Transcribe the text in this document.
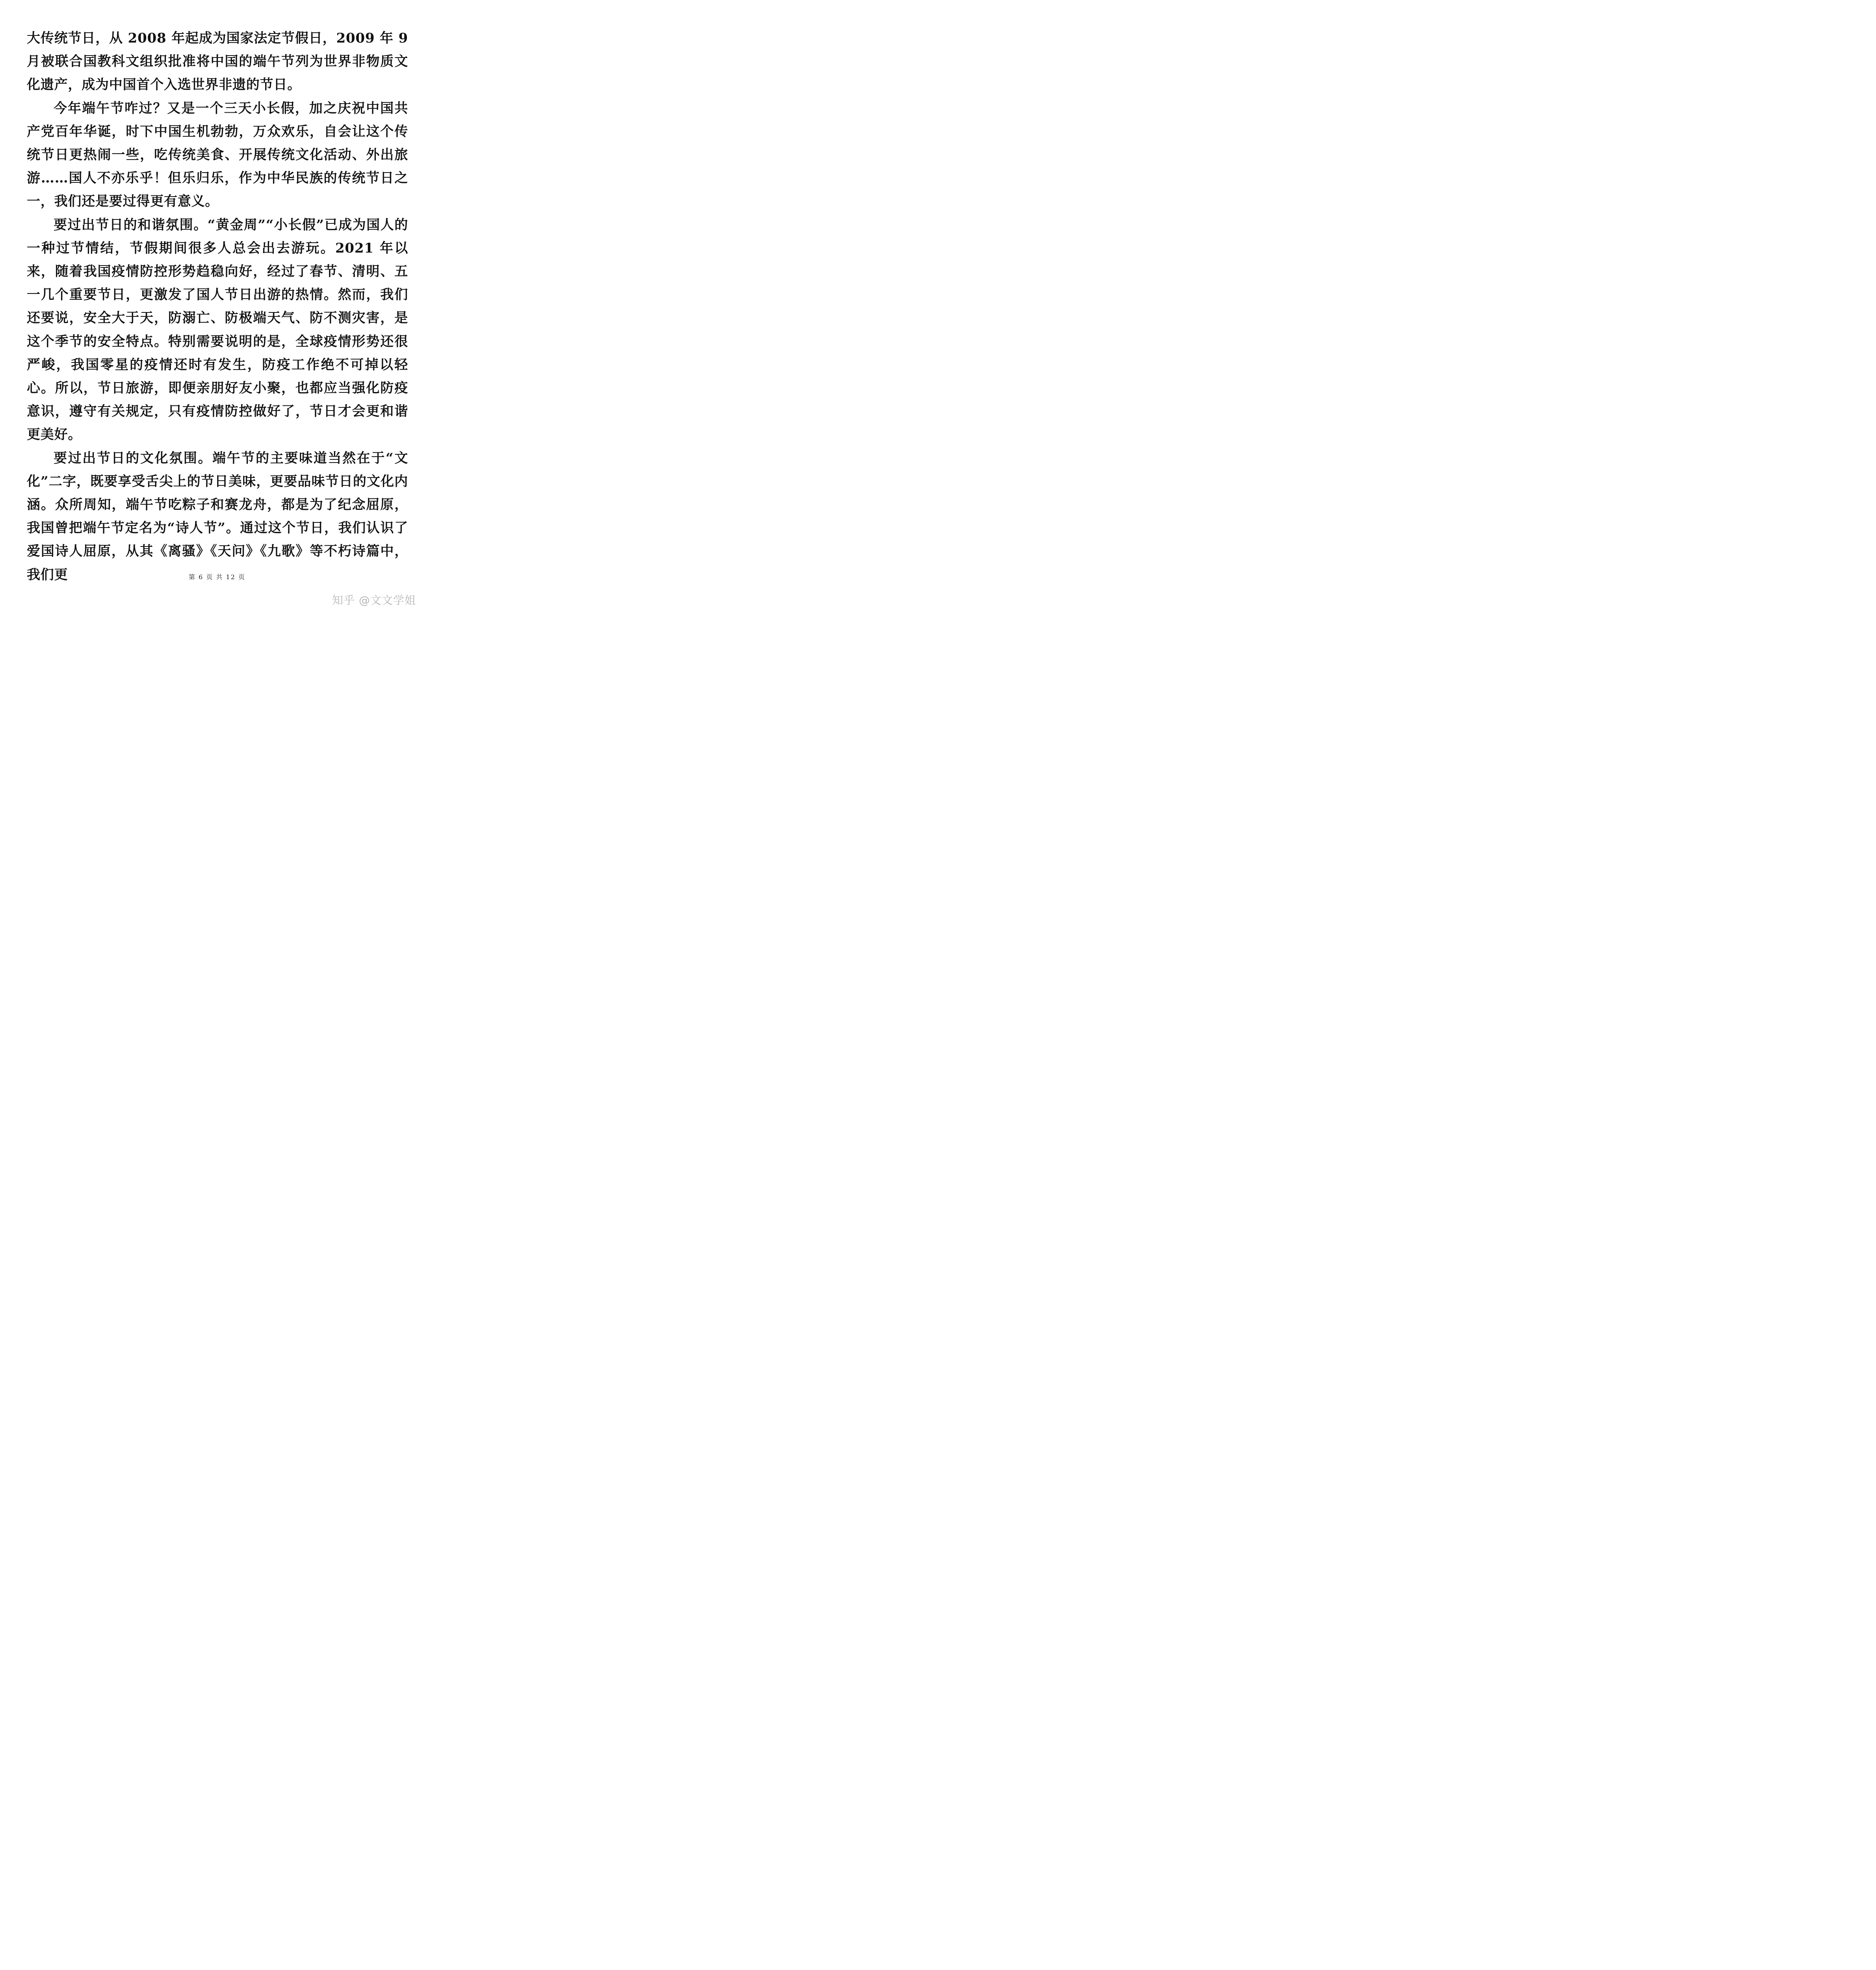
大传统节日，从 2008 年起成为国家法定节假日，2009 年 9 月被联合国教科文组织批准将中国的端午节列为世界非物质文化遗产，成为中国首个入选世界非遗的节日。

今年端午节咋过？又是一个三天小长假，加之庆祝中国共产党百年华诞，时下中国生机勃勃，万众欢乐，自会让这个传统节日更热闹一些，吃传统美食、开展传统文化活动、外出旅游……国人不亦乐乎！但乐归乐，作为中华民族的传统节日之一，我们还是要过得更有意义。

要过出节日的和谐氛围。“黄金周”“小长假”已成为国人的一种过节情结，节假期间很多人总会出去游玩。2021 年以来，随着我国疫情防控形势趋稳向好，经过了春节、清明、五一几个重要节日，更激发了国人节日出游的热情。然而，我们还要说，安全大于天，防溺亡、防极端天气、防不测灾害，是这个季节的安全特点。特别需要说明的是，全球疫情形势还很严峻，我国零星的疫情还时有发生，防疫工作绝不可掉以轻心。所以，节日旅游，即便亲朋好友小聚，也都应当强化防疫意识，遵守有关规定，只有疫情防控做好了，节日才会更和谐更美好。

要过出节日的文化氛围。端午节的主要味道当然在于“文化”二字，既要享受舌尖上的节日美味，更要品味节日的文化内涵。众所周知，端午节吃粽子和赛龙舟，都是为了纪念屈原，我国曾把端午节定名为“诗人节”。通过这个节日，我们认识了爱国诗人屈原，从其《离骚》《天问》《九歌》等不朽诗篇中，我们更	第 6 页 共 12 页
知乎 @文文学姐
